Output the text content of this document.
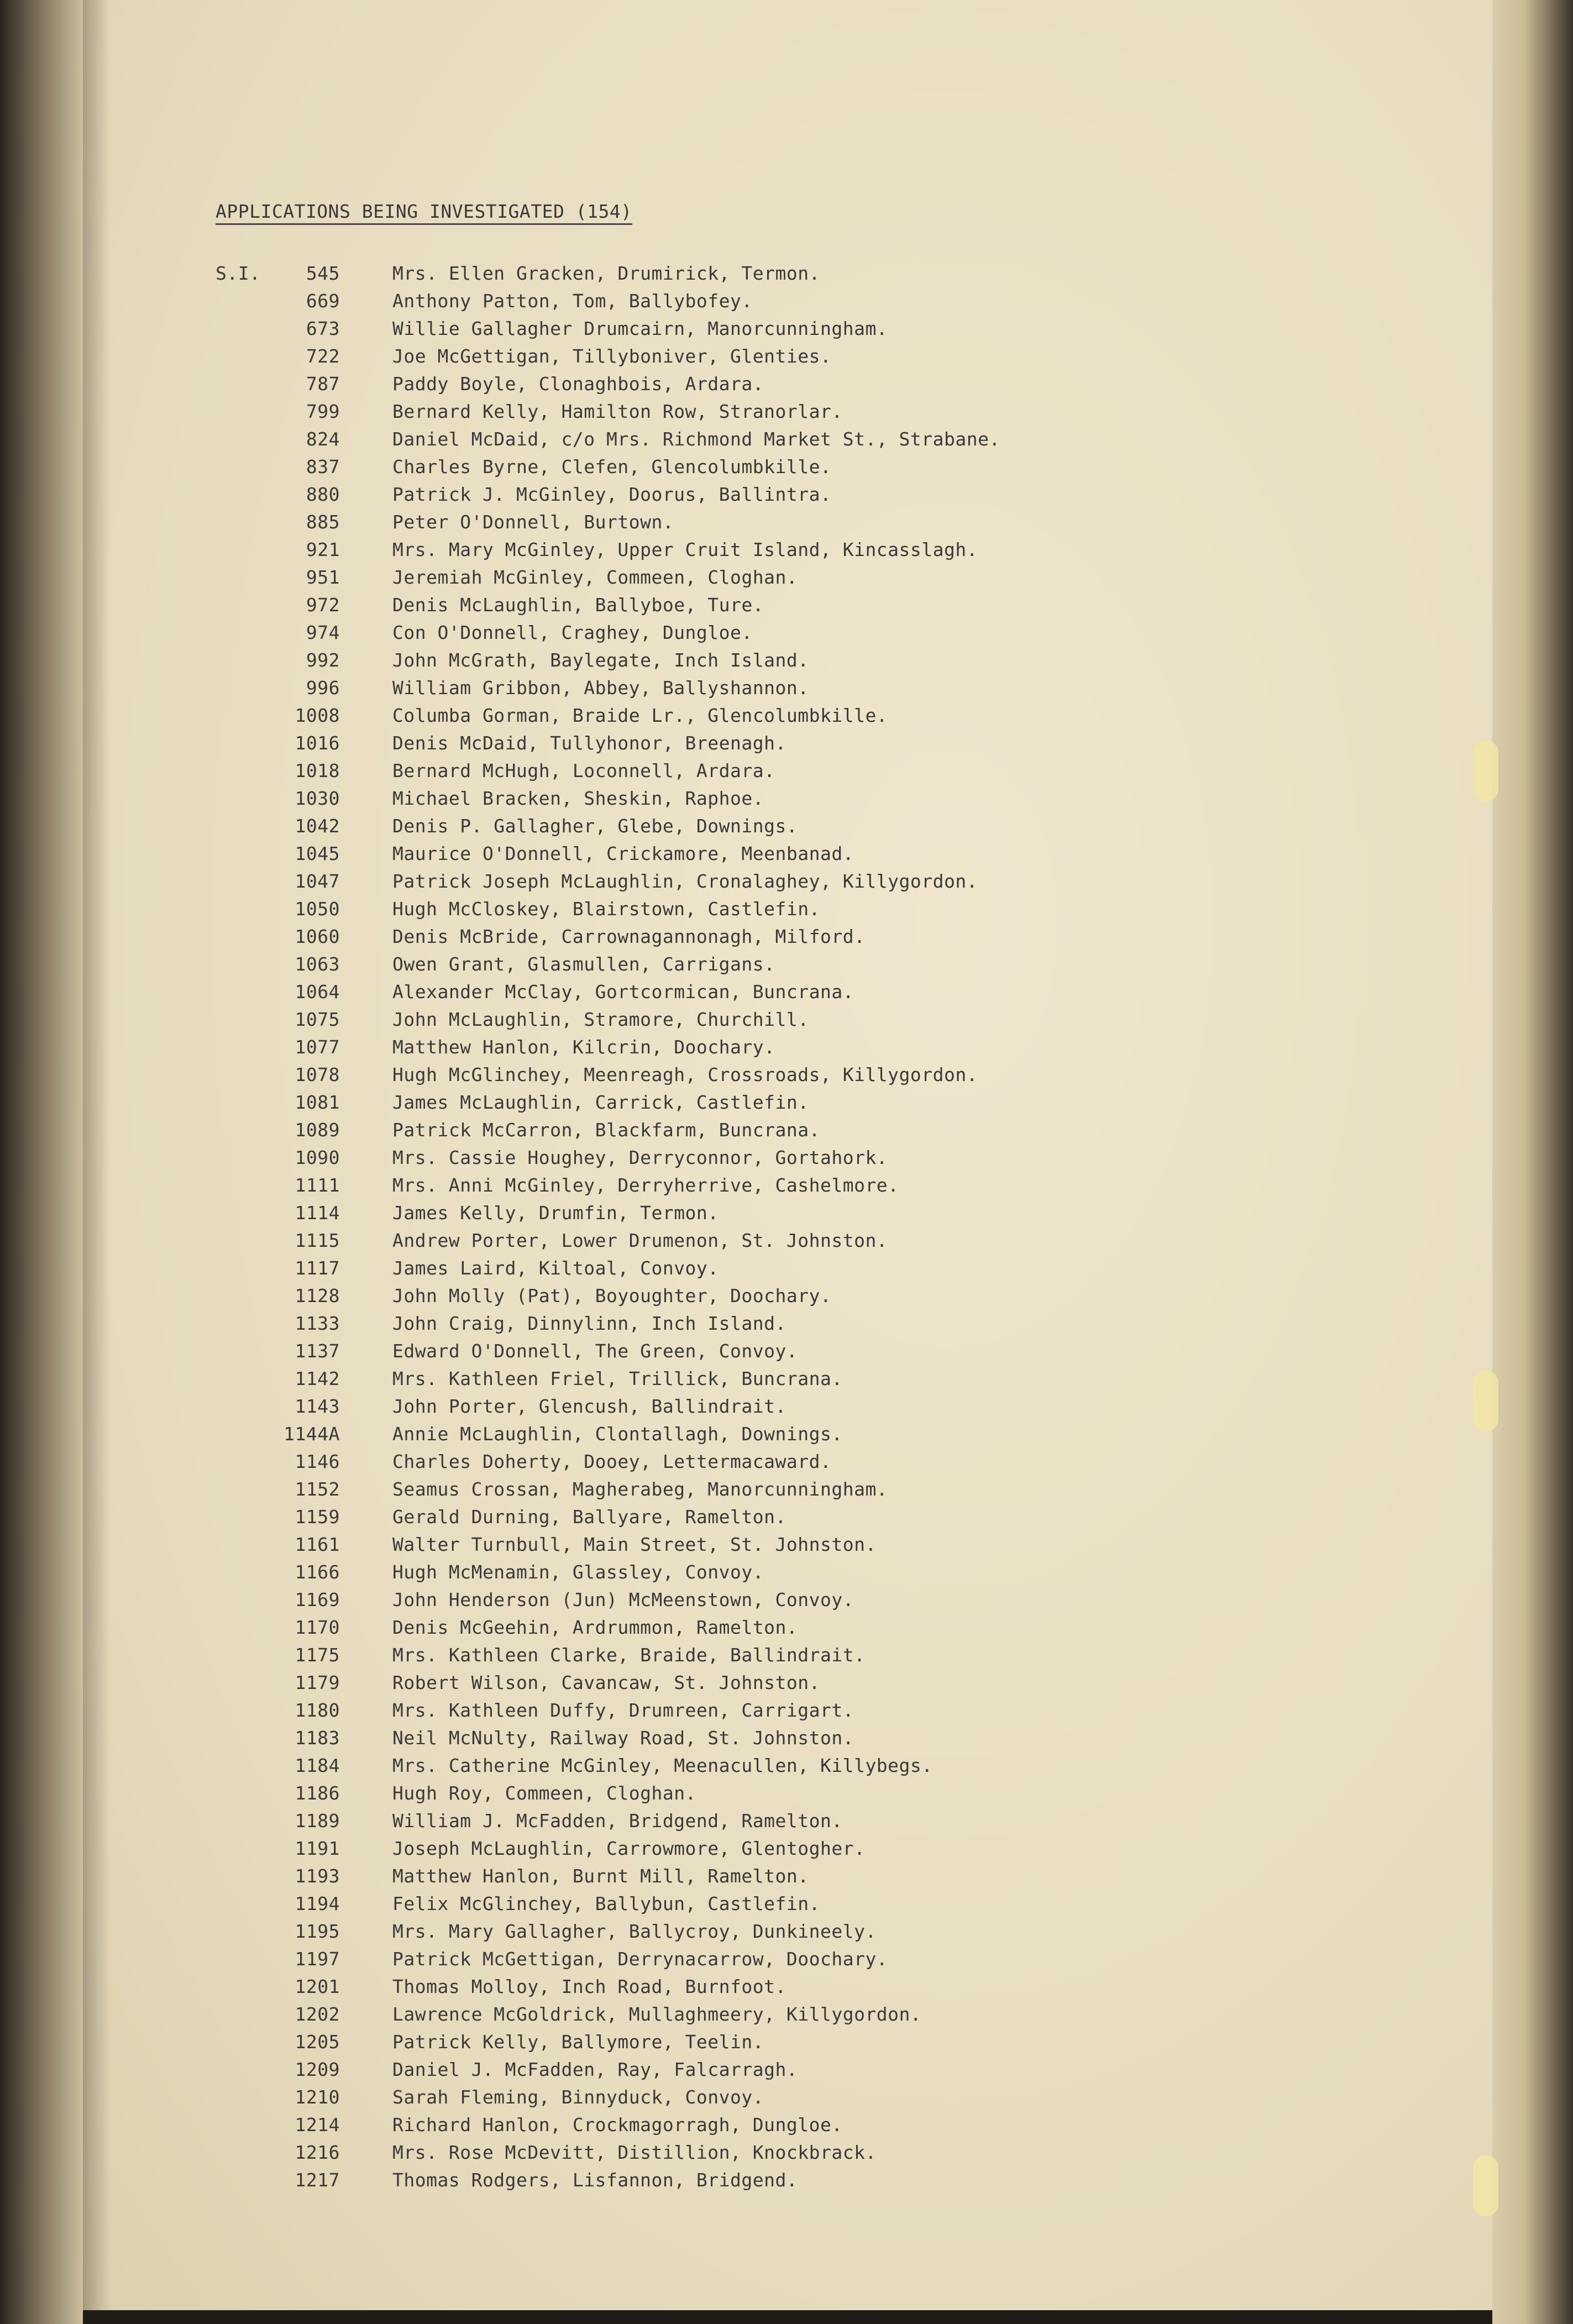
APPLICATIONS BEING INVESTIGATED (154)
S.I.	545	Mrs. Ellen Gracken, Drumirick, Termon.
669	Anthony Patton, Tom, Ballybofey.
673	Willie Gallagher Drumcairn, Manorcunningham.
722	Joe McGettigan, Tillyboniver, Glenties.
787	Paddy Boyle, Clonaghbois, Ardara.
799	Bernard Kelly, Hamilton Row, Stranorlar.
824	Daniel McDaid, c/o Mrs. Richmond Market St., Strabane.
837	Charles Byrne, Clefen, Glencolumbkille.
880	Patrick J. McGinley, Doorus, Ballintra.
885	Peter O'Donnell, Burtown.
921	Mrs. Mary McGinley, Upper Cruit Island, Kincasslagh.
951	Jeremiah McGinley, Commeen, Cloghan.
972	Denis McLaughlin, Ballyboe, Ture.
974	Con O'Donnell, Craghey, Dungloe.
992	John McGrath, Baylegate, Inch Island.
996	William Gribbon, Abbey, Ballyshannon.
1008	Columba Gorman, Braide Lr., Glencolumbkille.
1016	Denis McDaid, Tullyhonor, Breenagh.
1018	Bernard McHugh, Loconnell, Ardara.
1030	Michael Bracken, Sheskin, Raphoe.
1042	Denis P. Gallagher, Glebe, Downings.
1045	Maurice O'Donnell, Crickamore, Meenbanad.
1047	Patrick Joseph McLaughlin, Cronalaghey, Killygordon.
1050	Hugh McCloskey, Blairstown, Castlefin.
1060	Denis McBride, Carrownagannonagh, Milford.
1063	Owen Grant, Glasmullen, Carrigans.
1064	Alexander McClay, Gortcormican, Buncrana.
1075	John McLaughlin, Stramore, Churchill.
1077	Matthew Hanlon, Kilcrin, Doochary.
1078	Hugh McGlinchey, Meenreagh, Crossroads, Killygordon.
1081	James McLaughlin, Carrick, Castlefin.
1089	Patrick McCarron, Blackfarm, Buncrana.
1090	Mrs. Cassie Houghey, Derryconnor, Gortahork.
1111	Mrs. Anni McGinley, Derryherrive, Cashelmore.
1114	James Kelly, Drumfin, Termon.
1115	Andrew Porter, Lower Drumenon, St. Johnston.
1117	James Laird, Kiltoal, Convoy.
1128	John Molly (Pat), Boyoughter, Doochary.
1133	John Craig, Dinnylinn, Inch Island.
1137	Edward O'Donnell, The Green, Convoy.
1142	Mrs. Kathleen Friel, Trillick, Buncrana.
1143	John Porter, Glencush, Ballindrait.
1144A	Annie McLaughlin, Clontallagh, Downings.
1146	Charles Doherty, Dooey, Lettermacaward.
1152	Seamus Crossan, Magherabeg, Manorcunningham.
1159	Gerald Durning, Ballyare, Ramelton.
1161	Walter Turnbull, Main Street, St. Johnston.
1166	Hugh McMenamin, Glassley, Convoy.
1169	John Henderson (Jun) McMeenstown, Convoy.
1170	Denis McGeehin, Ardrummon, Ramelton.
1175	Mrs. Kathleen Clarke, Braide, Ballindrait.
1179	Robert Wilson, Cavancaw, St. Johnston.
1180	Mrs. Kathleen Duffy, Drumreen, Carrigart.
1183	Neil McNulty, Railway Road, St. Johnston.
1184	Mrs. Catherine McGinley, Meenacullen, Killybegs.
1186	Hugh Roy, Commeen, Cloghan.
1189	William J. McFadden, Bridgend, Ramelton.
1191	Joseph McLaughlin, Carrowmore, Glentogher.
1193	Matthew Hanlon, Burnt Mill, Ramelton.
1194	Felix McGlinchey, Ballybun, Castlefin.
1195	Mrs. Mary Gallagher, Ballycroy, Dunkineely.
1197	Patrick McGettigan, Derrynacarrow, Doochary.
1201	Thomas Molloy, Inch Road, Burnfoot.
1202	Lawrence McGoldrick, Mullaghmeery, Killygordon.
1205	Patrick Kelly, Ballymore, Teelin.
1209	Daniel J. McFadden, Ray, Falcarragh.
1210	Sarah Fleming, Binnyduck, Convoy.
1214	Richard Hanlon, Crockmagorragh, Dungloe.
1216	Mrs. Rose McDevitt, Distillion, Knockbrack.
1217	Thomas Rodgers, Lisfannon, Bridgend.
